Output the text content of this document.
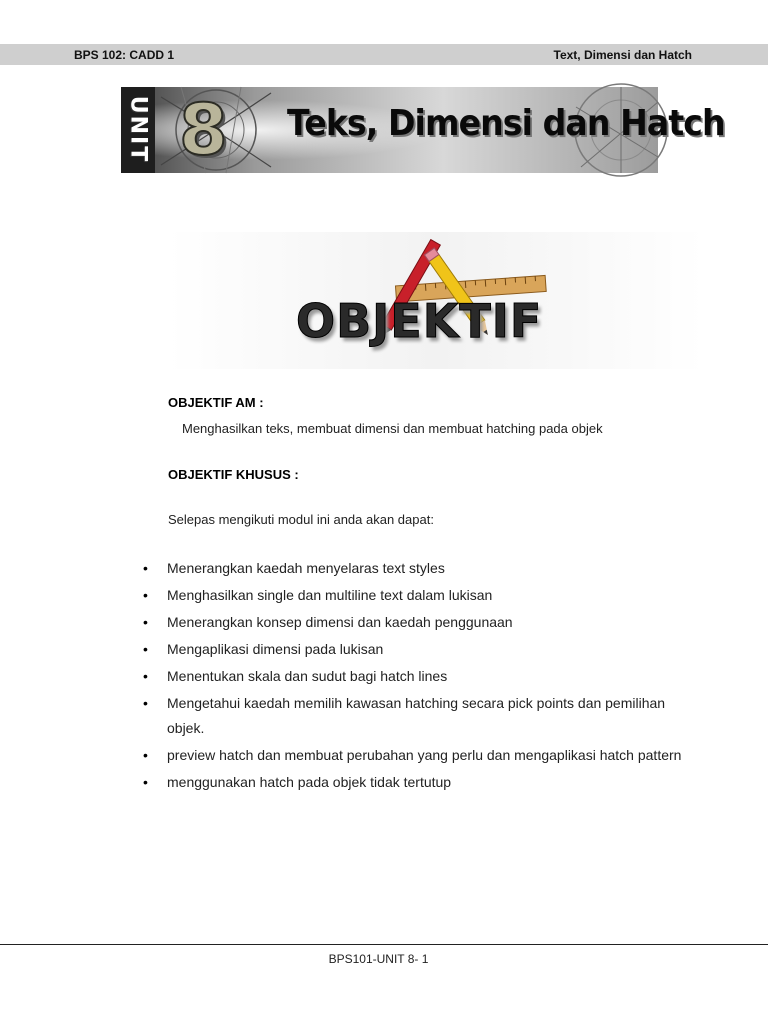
BPS 102: CADD 1	Text, Dimensi dan Hatch
UNIT 8 Teks, Dimensi dan Hatch
OBJEKTIF
OBJEKTIF AM :
Menghasilkan teks, membuat dimensi dan membuat hatching pada objek
OBJEKTIF KHUSUS :
Selepas mengikuti modul ini anda akan dapat:
• Menerangkan kaedah menyelaras text styles
• Menghasilkan single dan multiline text dalam lukisan
• Menerangkan konsep dimensi dan kaedah penggunaan
• Mengaplikasi dimensi pada lukisan
• Menentukan skala dan sudut bagi hatch lines
• Mengetahui kaedah memilih kawasan hatching secara pick points dan pemilihan objek.
• preview hatch dan membuat perubahan yang perlu dan mengaplikasi hatch pattern
• menggunakan hatch pada objek tidak tertutup
BPS101-UNIT 8- 1
